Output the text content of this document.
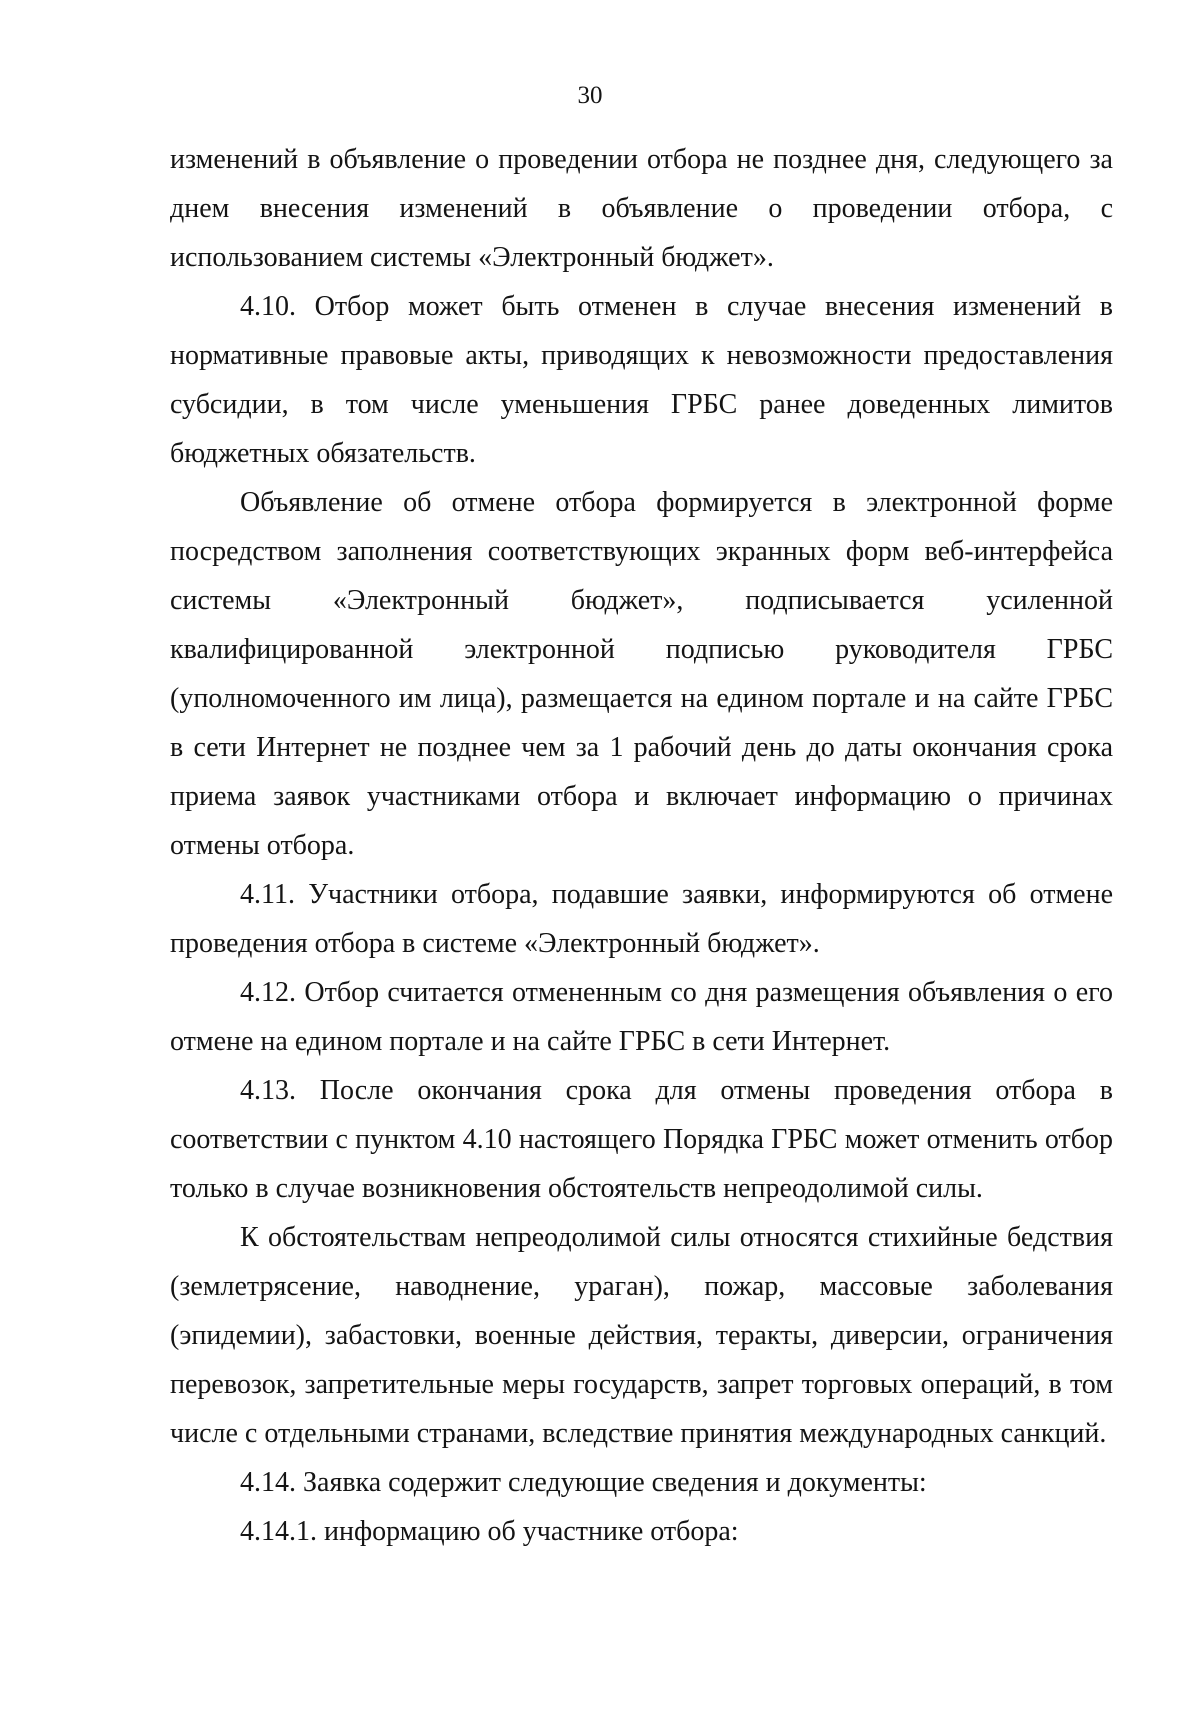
30

изменений в объявление о проведении отбора не позднее дня, следующего за днем внесения изменений в объявление о проведении отбора, с использованием системы «Электронный бюджет».

4.10. Отбор может быть отменен в случае внесения изменений в нормативные правовые акты, приводящих к невозможности предоставления субсидии, в том числе уменьшения ГРБС ранее доведенных лимитов бюджетных обязательств.

Объявление об отмене отбора формируется в электронной форме посредством заполнения соответствующих экранных форм веб-интерфейса системы «Электронный бюджет», подписывается усиленной квалифицированной электронной подписью руководителя ГРБС (уполномоченного им лица), размещается на едином портале и на сайте ГРБС в сети Интернет не позднее чем за 1 рабочий день до даты окончания срока приема заявок участниками отбора и включает информацию о причинах отмены отбора.

4.11. Участники отбора, подавшие заявки, информируются об отмене проведения отбора в системе «Электронный бюджет».

4.12. Отбор считается отмененным со дня размещения объявления о его отмене на едином портале и на сайте ГРБС в сети Интернет.

4.13. После окончания срока для отмены проведения отбора в соответствии с пунктом 4.10 настоящего Порядка ГРБС может отменить отбор только в случае возникновения обстоятельств непреодолимой силы.

К обстоятельствам непреодолимой силы относятся стихийные бедствия (землетрясение, наводнение, ураган), пожар, массовые заболевания (эпидемии), забастовки, военные действия, теракты, диверсии, ограничения перевозок, запретительные меры государств, запрет торговых операций, в том числе с отдельными странами, вследствие принятия международных санкций.

4.14. Заявка содержит следующие сведения и документы:

4.14.1. информацию об участнике отбора:
